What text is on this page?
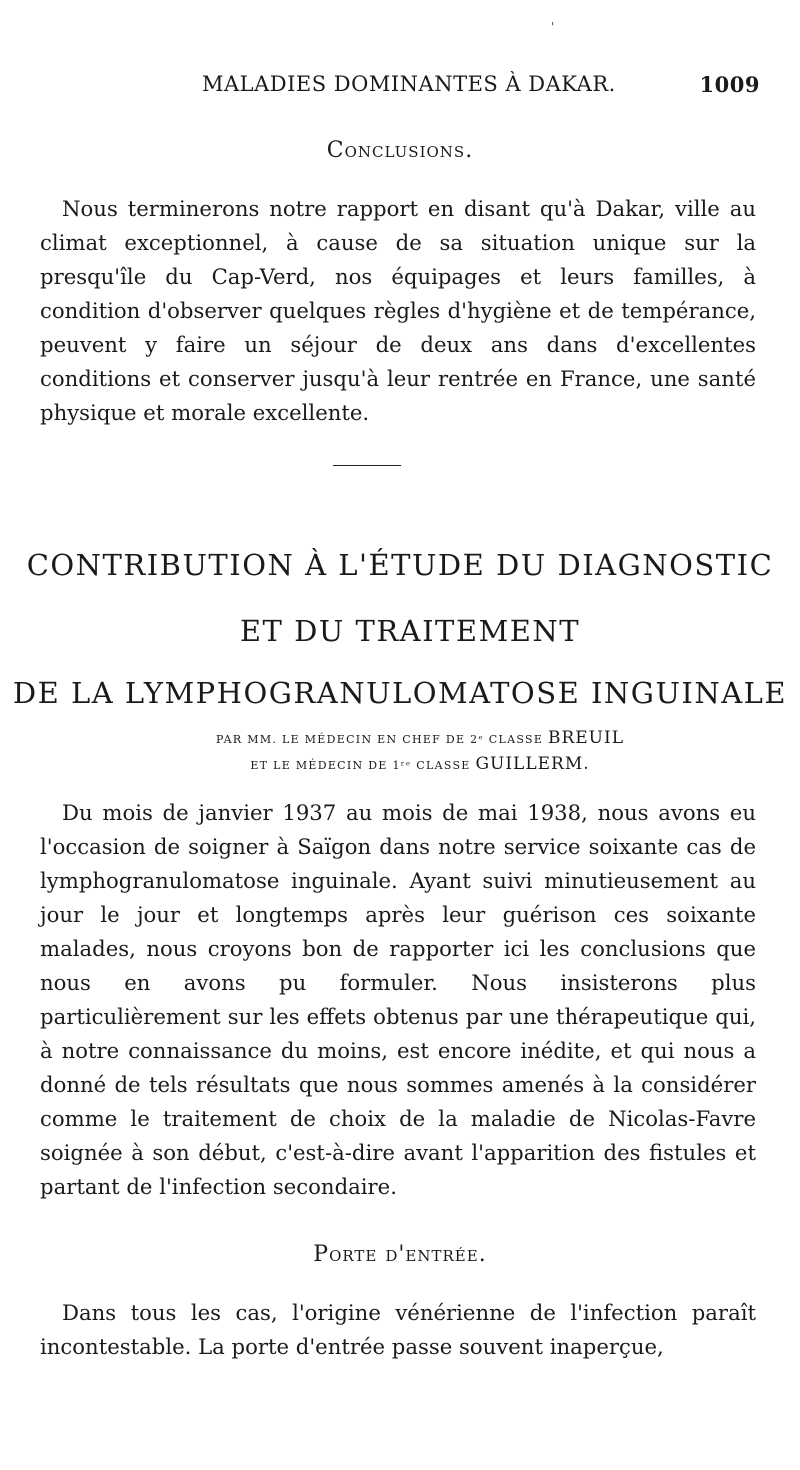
'
MALADIES DOMINANTES À DAKAR.	1009
Conclusions.

Nous terminerons notre rapport en disant qu'à Dakar, ville au climat exceptionnel, à cause de sa situation unique sur la presqu'île du Cap-Verd, nos équipages et leurs familles, à condition d'observer quelques règles d'hygiène et de tempérance, peuvent y faire un séjour de deux ans dans d'excellentes conditions et conserver jusqu'à leur rentrée en France, une santé physique et morale excellente.

CONTRIBUTION À L'ÉTUDE DU DIAGNOSTIC
ET DU TRAITEMENT
DE LA LYMPHOGRANULOMATOSE INGUINALE
PAR MM. LE MÉDECIN EN CHEF DE 2ᵉ CLASSE BREUIL
ET LE MÉDECIN DE 1ʳᵉ CLASSE GUILLERM.

Du mois de janvier 1937 au mois de mai 1938, nous avons eu l'occasion de soigner à Saïgon dans notre service soixante cas de lymphogranulomatose inguinale. Ayant suivi minutieusement au jour le jour et longtemps après leur guérison ces soixante malades, nous croyons bon de rapporter ici les conclusions que nous en avons pu formuler. Nous insisterons plus particulièrement sur les effets obtenus par une thérapeutique qui, à notre connaissance du moins, est encore inédite, et qui nous a donné de tels résultats que nous sommes amenés à la considérer comme le traitement de choix de la maladie de Nicolas-Favre soignée à son début, c'est-à-dire avant l'apparition des fistules et partant de l'infection secondaire.

Porte d'entrée.

Dans tous les cas, l'origine vénérienne de l'infection paraît incontestable. La porte d'entrée passe souvent inaperçue,
